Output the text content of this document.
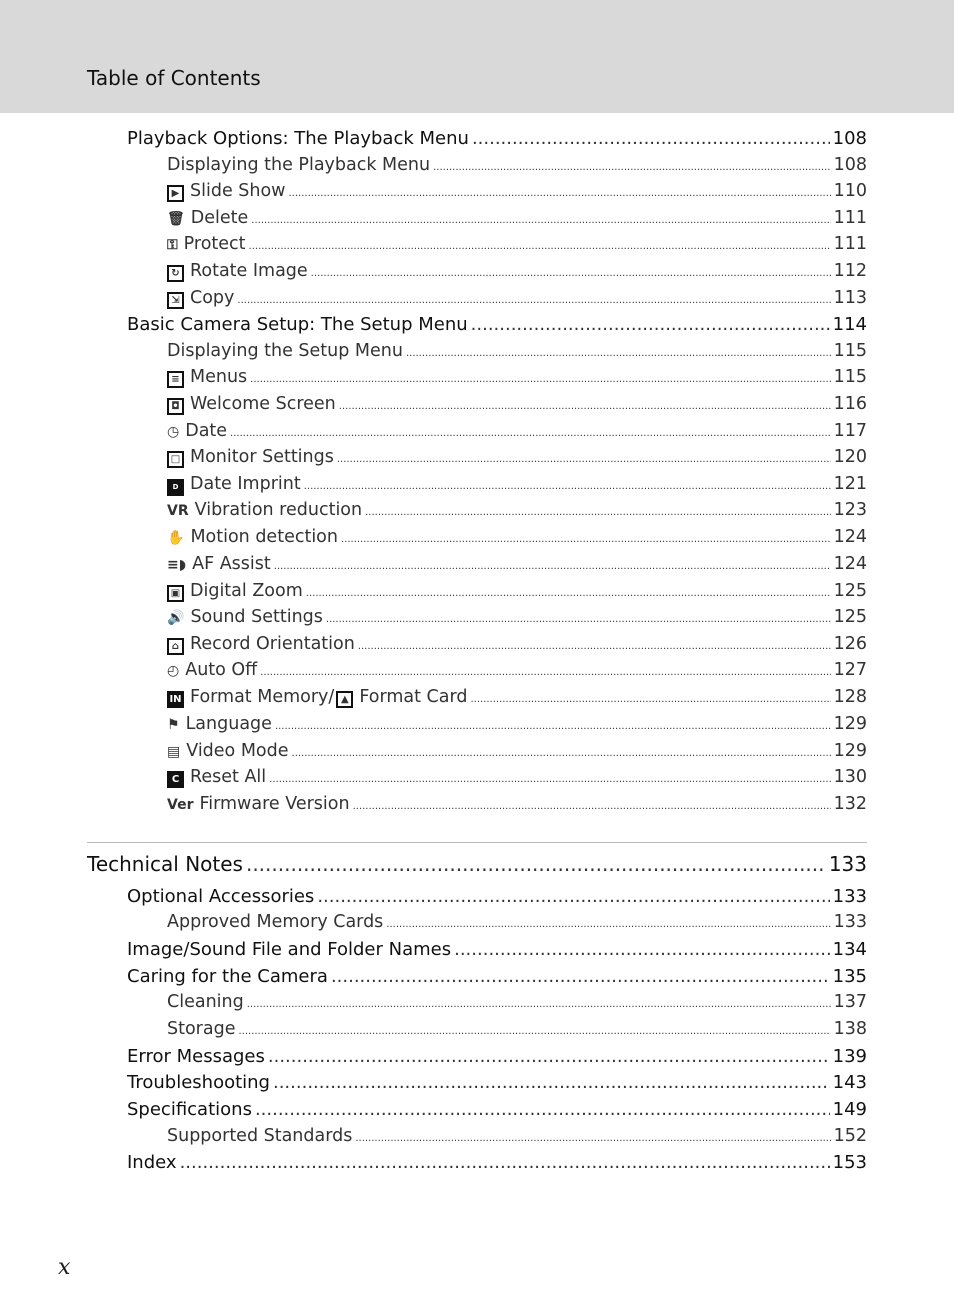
Table of Contents
Playback Options: The Playback Menu .....	108
Displaying the Playback Menu .....	108
▶ Slide Show .....	110
🗑 Delete .....	111
⚿ Protect .....	111
↻ Rotate Image .....	112
⇲ Copy .....	113
Basic Camera Setup: The Setup Menu .....	114
Displaying the Setup Menu .....	115
≡ Menus .....	115
◘ Welcome Screen .....	116
◷ Date .....	117
□ Monitor Settings .....	120
D Date Imprint .....	121
VR Vibration reduction .....	123
✋ Motion detection .....	124
≡◗ AF Assist .....	124
▣ Digital Zoom .....	125
🔊 Sound Settings .....	125
⌂ Record Orientation .....	126
◴ Auto Off .....	127
IN Format Memory/ ▲ Format Card .....	128
⚑ Language .....	129
▤ Video Mode .....	129
C Reset All .....	130
Ver Firmware Version .....	132
Technical Notes .....	133
Optional Accessories .....	133
Approved Memory Cards .....	133
Image/Sound File and Folder Names .....	134
Caring for the Camera .....	135
Cleaning .....	137
Storage .....	138
Error Messages .....	139
Troubleshooting .....	143
Specifications .....	149
Supported Standards .....	152
Index .....	153
x
